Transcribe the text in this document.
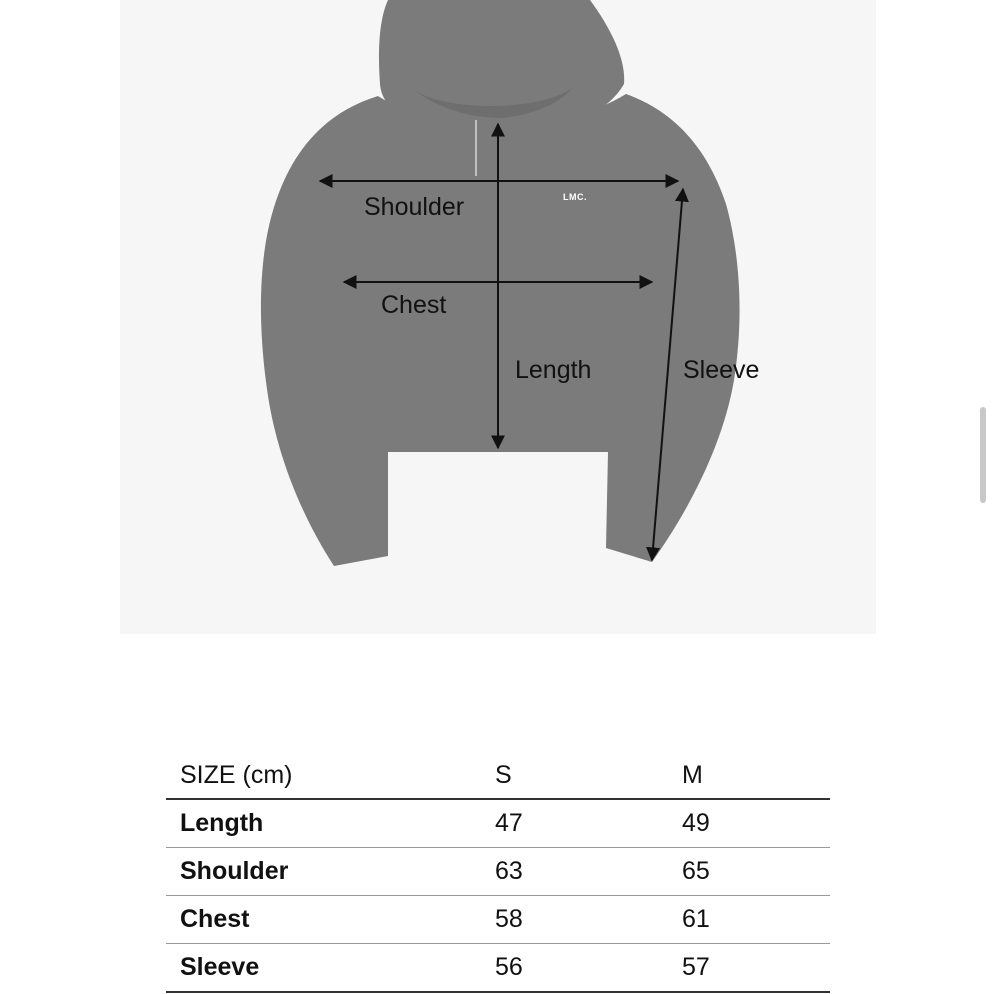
LMC.
Shoulder
Chest
Length	Sleeve
SIZE (cm)	S	M
Length	47	49
Shoulder	63	65
Chest	58	61
Sleeve	56	57
